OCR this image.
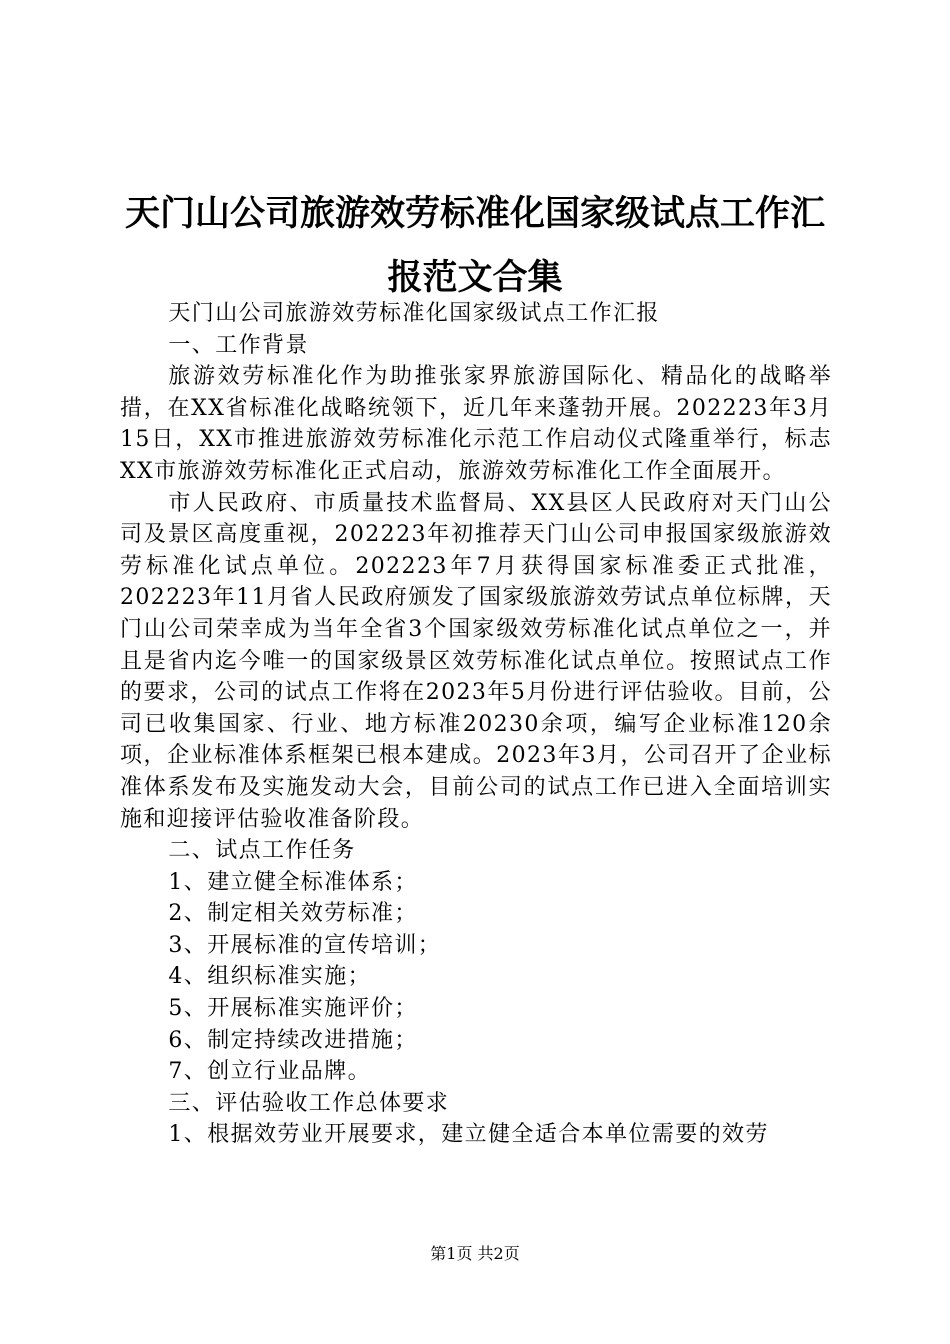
天门山公司旅游效劳标准化国家级试点工作汇报范文合集

天门山公司旅游效劳标准化国家级试点工作汇报

一、工作背景

旅游效劳标准化作为助推张家界旅游国际化、精品化的战略举措，在XX省标准化战略统领下，近几年来蓬勃开展。202223年3月15日，XX市推进旅游效劳标准化示范工作启动仪式隆重举行，标志XX市旅游效劳标准化正式启动，旅游效劳标准化工作全面展开。

市人民政府、市质量技术监督局、XX县区人民政府对天门山公司及景区高度重视，202223年初推荐天门山公司申报国家级旅游效劳标准化试点单位。202223年7月获得国家标准委正式批准，202223年11月省人民政府颁发了国家级旅游效劳试点单位标牌，天门山公司荣幸成为当年全省3个国家级效劳标准化试点单位之一，并且是省内迄今唯一的国家级景区效劳标准化试点单位。按照试点工作的要求，公司的试点工作将在2023年5月份进行评估验收。目前，公司已收集国家、行业、地方标准20230余项，编写企业标准120余项，企业标准体系框架已根本建成。2023年3月，公司召开了企业标准体系发布及实施发动大会，目前公司的试点工作已进入全面培训实施和迎接评估验收准备阶段。

二、试点工作任务

1、建立健全标准体系；

2、制定相关效劳标准；

3、开展标准的宣传培训；

4、组织标准实施；

5、开展标准实施评价；

6、制定持续改进措施；

7、创立行业品牌。

三、评估验收工作总体要求

1、根据效劳业开展要求，建立健全适合本单位需要的效劳

第1页 共2页
